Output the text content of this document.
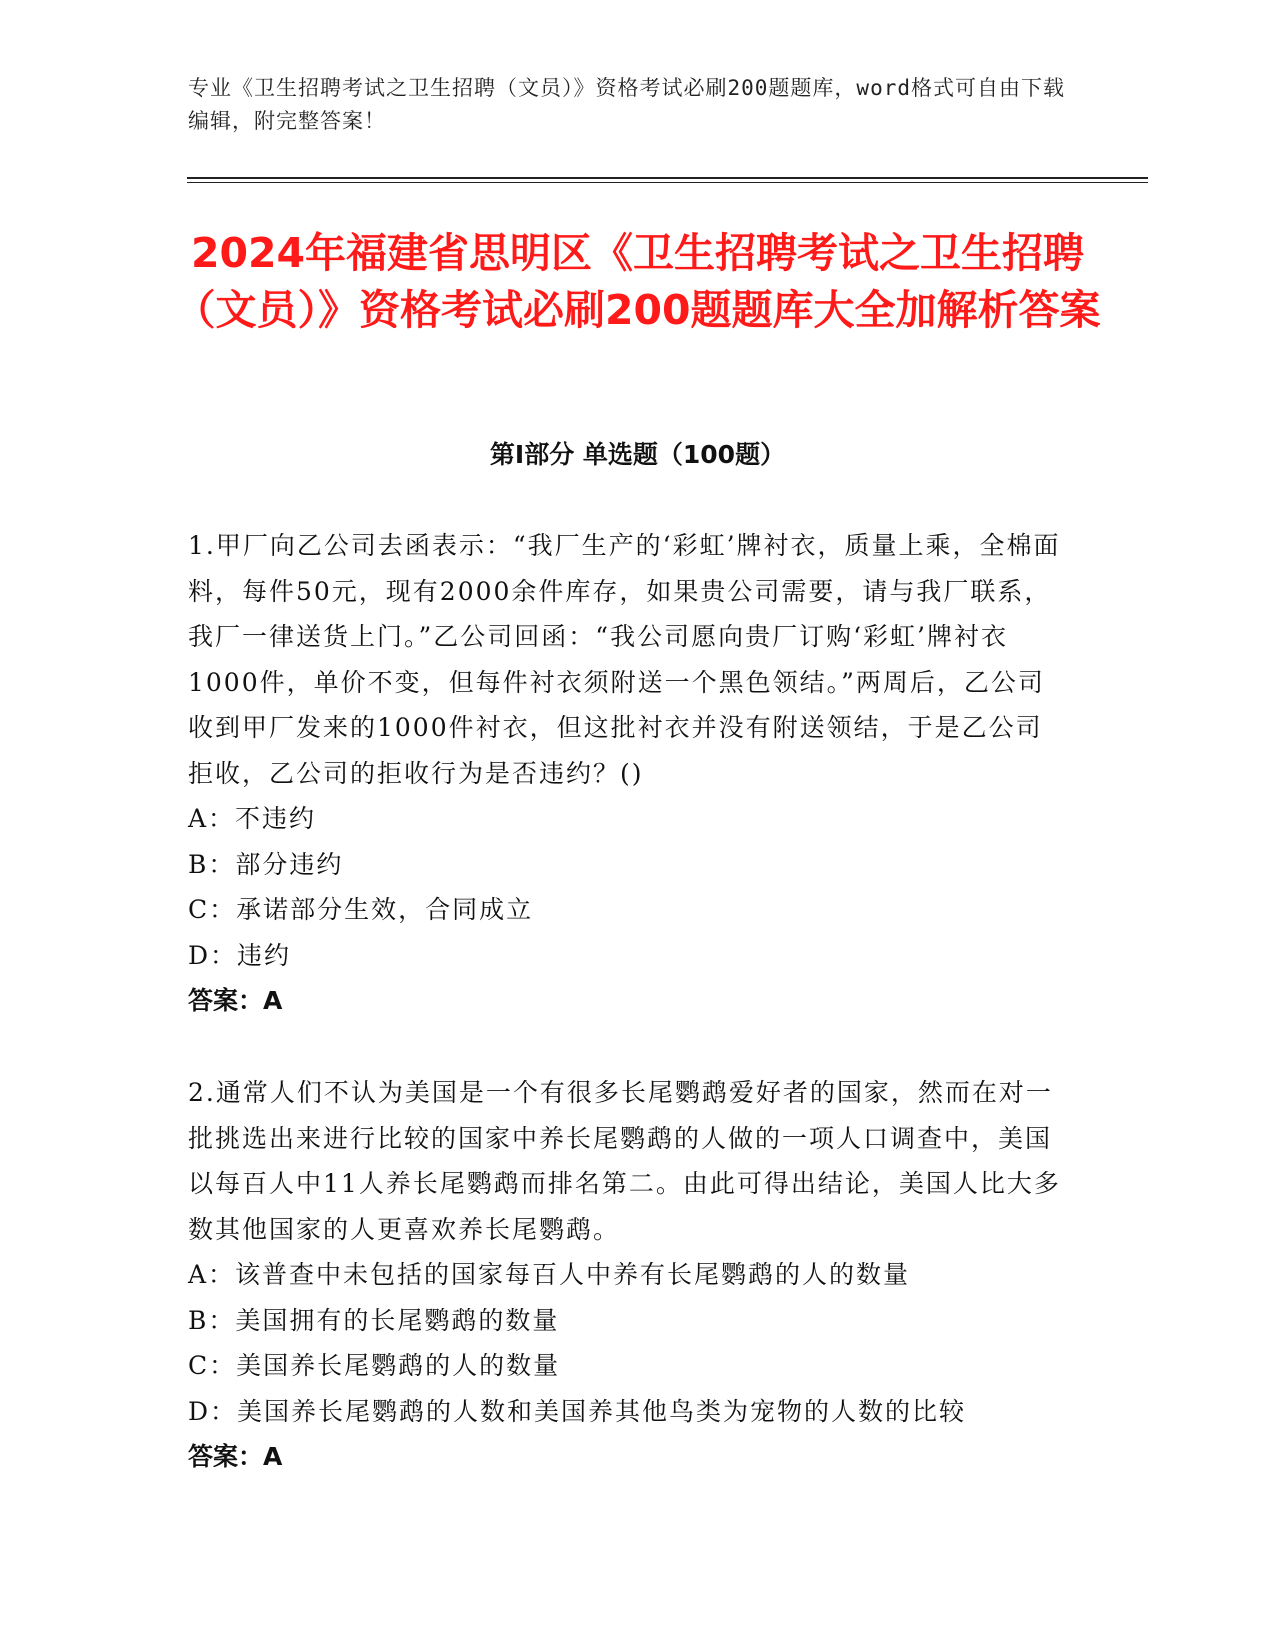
专业《卫生招聘考试之卫生招聘（文员）》资格考试必刷200题题库，word格式可自由下载编辑，附完整答案！
2024年福建省思明区《卫生招聘考试之卫生招聘（文员）》资格考试必刷200题题库大全加解析答案
第Ⅰ部分 单选题（100题）
1.甲厂向乙公司去函表示：“我厂生产的‘彩虹’牌衬衣，质量上乘，全棉面料，每件50元，现有2000余件库存，如果贵公司需要，请与我厂联系，我厂一律送货上门。”乙公司回函：“我公司愿向贵厂订购‘彩虹’牌衬衣1000件，单价不变，但每件衬衣须附送一个黑色领结。”两周后，乙公司收到甲厂发来的1000件衬衣，但这批衬衣并没有附送领结，于是乙公司拒收，乙公司的拒收行为是否违约？()
A：不违约
B：部分违约
C：承诺部分生效，合同成立
D：违约
答案：A
2.通常人们不认为美国是一个有很多长尾鹦鹉爱好者的国家，然而在对一批挑选出来进行比较的国家中养长尾鹦鹉的人做的一项人口调查中，美国以每百人中11人养长尾鹦鹉而排名第二。由此可得出结论，美国人比大多数其他国家的人更喜欢养长尾鹦鹉。
A：该普查中未包括的国家每百人中养有长尾鹦鹉的人的数量
B：美国拥有的长尾鹦鹉的数量
C：美国养长尾鹦鹉的人的数量
D：美国养长尾鹦鹉的人数和美国养其他鸟类为宠物的人数的比较
答案：A
